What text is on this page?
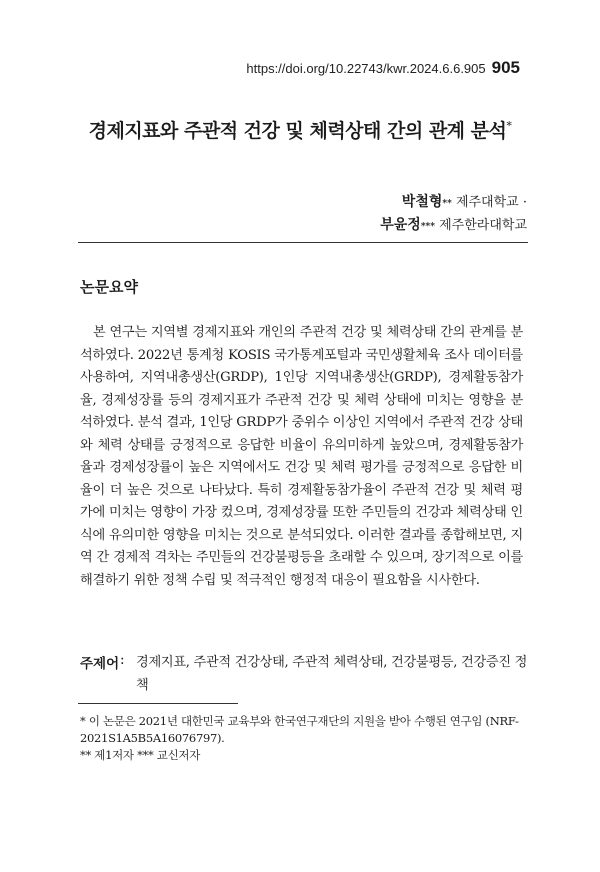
https://doi.org/10.22743/kwr.2024.6.6.905 905
경제지표와 주관적 건강 및 체력상태 간의 관계 분석*
박철형** 제주대학교 ·
부윤정*** 제주한라대학교
논문요약
본 연구는 지역별 경제지표와 개인의 주관적 건강 및 체력상태 간의 관계를 분석하였다. 2022년 통계청 KOSIS 국가통계포털과 국민생활체육 조사 데이터를 사용하여, 지역내총생산(GRDP), 1인당 지역내총생산(GRDP), 경제활동참가율, 경제성장률 등의 경제지표가 주관적 건강 및 체력 상태에 미치는 영향을 분석하였다. 분석 결과, 1인당 GRDP가 중위수 이상인 지역에서 주관적 건강 상태와 체력 상태를 긍정적으로 응답한 비율이 유의미하게 높았으며, 경제활동참가율과 경제성장률이 높은 지역에서도 건강 및 체력 평가를 긍정적으로 응답한 비율이 더 높은 것으로 나타났다. 특히 경제활동참가율이 주관적 건강 및 체력 평가에 미치는 영향이 가장 컸으며, 경제성장률 또한 주민들의 건강과 체력상태 인식에 유의미한 영향을 미치는 것으로 분석되었다. 이러한 결과를 종합해보면, 지역 간 경제적 격차는 주민들의 건강불평등을 초래할 수 있으며, 장기적으로 이를 해결하기 위한 정책 수립 및 적극적인 행정적 대응이 필요함을 시사한다.
주제어 : 경제지표, 주관적 건강상태, 주관적 체력상태, 건강불평등, 건강증진 정책
* 이 논문은 2021년 대한민국 교육부와 한국연구재단의 지원을 받아 수행된 연구임 (NRF-2021S1A5B5A16076797).
** 제1저자 *** 교신저자
